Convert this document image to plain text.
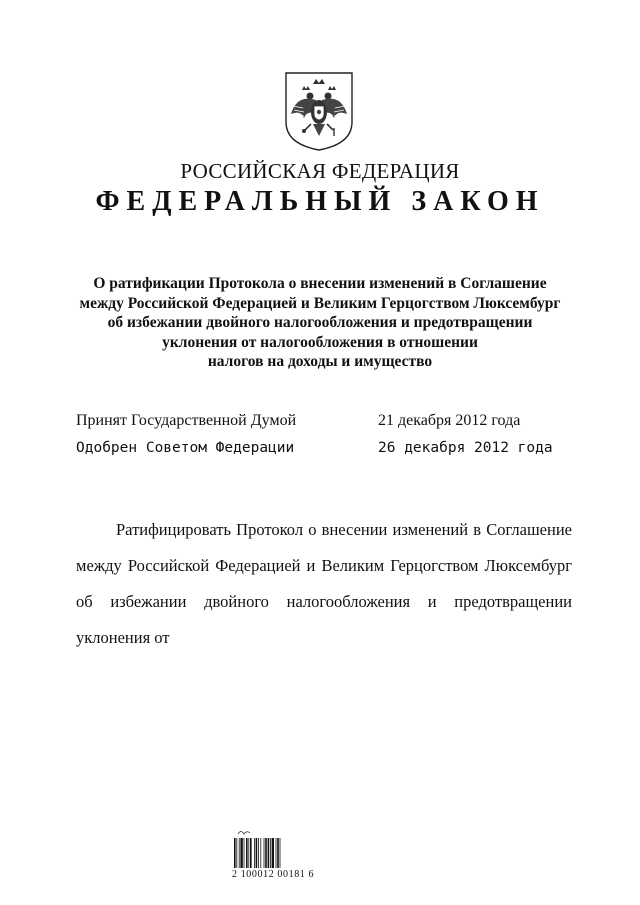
РОССИЙСКАЯ ФЕДЕРАЦИЯ
ФЕДЕРАЛЬНЫЙ ЗАКОН
О ратификации Протокола о внесении изменений в Соглашение
между Российской Федерацией и Великим Герцогством Люксембург
об избежании двойного налогообложения и предотвращении
уклонения от налогообложения в отношении
налогов на доходы и имущество
Принят Государственной Думой	21 декабря 2012 года
Одобрен Советом Федерации	26 декабря 2012 года
Ратифицировать Протокол о внесении изменений в Соглашение между Российской Федерацией и Великим Герцогством Люксембург об избежании двойного налогообложения и предотвращении уклонения от
2 100012 00181 6
